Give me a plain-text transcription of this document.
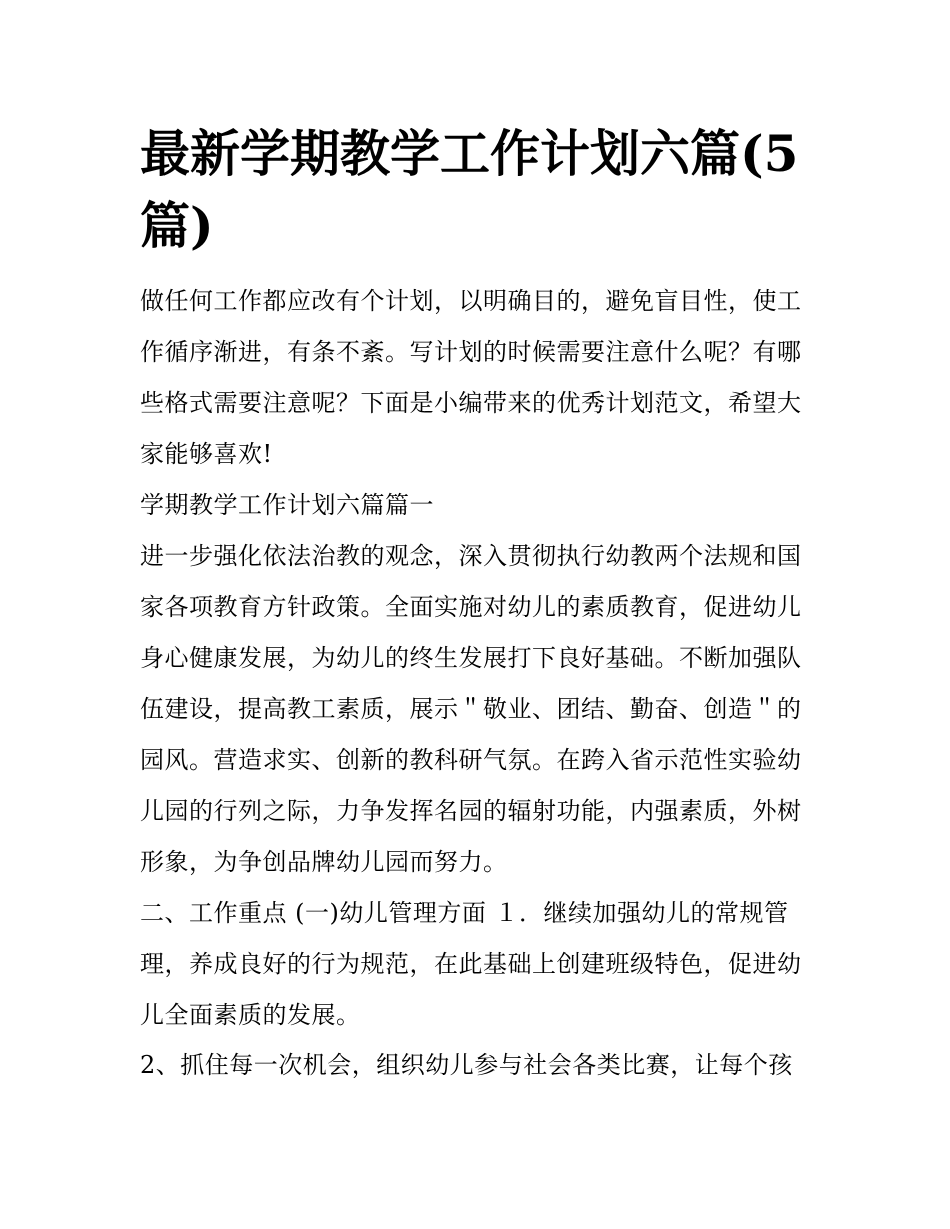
最新学期教学工作计划六篇(5篇)

做任何工作都应改有个计划，以明确目的，避免盲目性，使工作循序渐进，有条不紊。写计划的时候需要注意什么呢？有哪些格式需要注意呢？下面是小编带来的优秀计划范文，希望大家能够喜欢!

学期教学工作计划六篇篇一

进一步强化依法治教的观念，深入贯彻执行幼教两个法规和国家各项教育方针政策。全面实施对幼儿的素质教育，促进幼儿身心健康发展，为幼儿的终生发展打下良好基础。不断加强队伍建设，提高教工素质，展示＂敬业、团结、勤奋、创造＂的园风。营造求实、创新的教科研气氛。在跨入省示范性实验幼儿园的行列之际，力争发挥名园的辐射功能，内强素质，外树形象，为争创品牌幼儿园而努力。

二、工作重点 (一)幼儿管理方面 １．继续加强幼儿的常规管理，养成良好的行为规范，在此基础上创建班级特色，促进幼儿全面素质的发展。

2、抓住每一次机会，组织幼儿参与社会各类比赛，让每个孩
